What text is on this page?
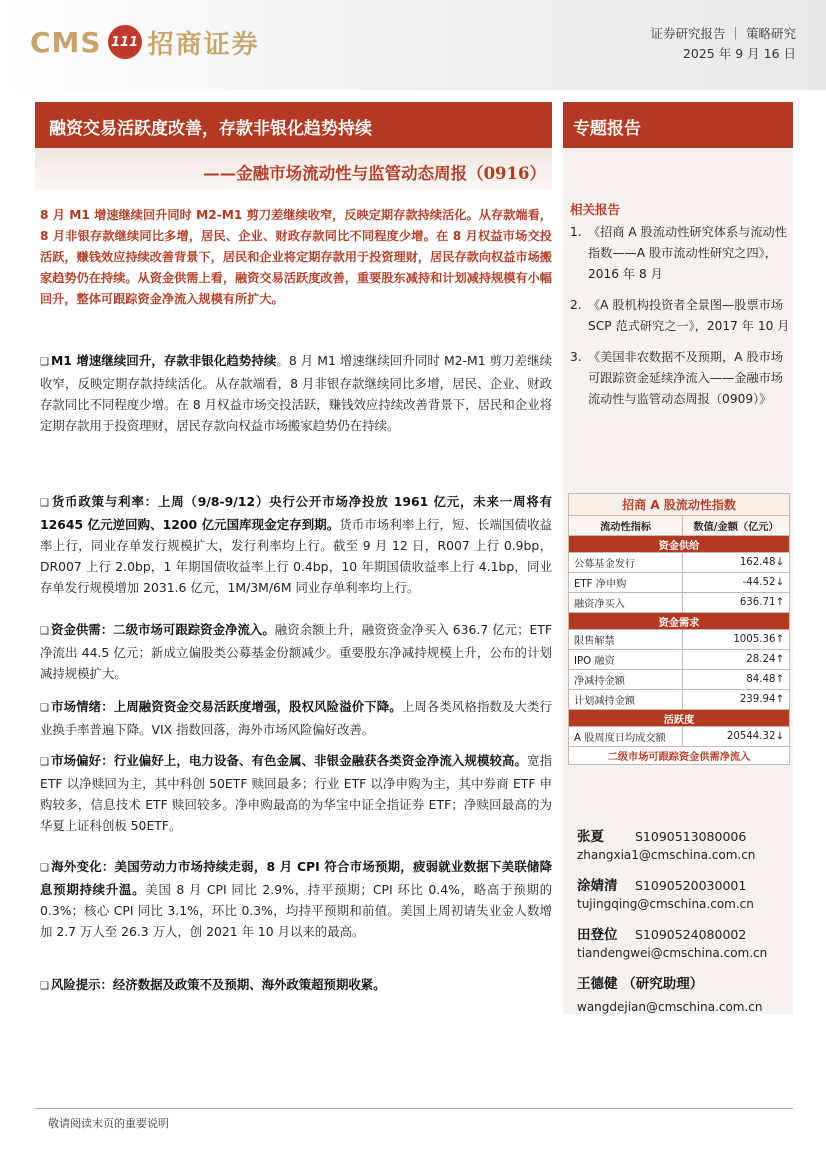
CMS 111 招商证券	证券研究报告 ｜ 策略研究
2025 年 9 月 16 日
融资交易活跃度改善，存款非银化趋势持续
——金融市场流动性与监管动态周报（0916）
专题报告
8 月 M1 增速继续回升同时 M2-M1 剪刀差继续收窄，反映定期存款持续活化。从存款端看，8 月非银存款继续同比多增，居民、企业、财政存款同比不同程度少增。在 8 月权益市场交投活跃，赚钱效应持续改善背景下，居民和企业将定期存款用于投资理财，居民存款向权益市场搬家趋势仍在持续。从资金供需上看，融资交易活跃度改善，重要股东减持和计划减持规模有小幅回升，整体可跟踪资金净流入规模有所扩大。
❑ M1 增速继续回升，存款非银化趋势持续。8 月 M1 增速继续回升同时 M2-M1 剪刀差继续收窄，反映定期存款持续活化。从存款端看，8 月非银存款继续同比多增，居民、企业、财政存款同比不同程度少增。在 8 月权益市场交投活跃，赚钱效应持续改善背景下，居民和企业将定期存款用于投资理财，居民存款向权益市场搬家趋势仍在持续。
❑ 货币政策与利率：上周（9/8-9/12）央行公开市场净投放 1961 亿元，未来一周将有 12645 亿元逆回购、1200 亿元国库现金定存到期。货币市场利率上行，短、长端国债收益率上行，同业存单发行规模扩大，发行利率均上行。截至 9 月 12 日，R007 上行 0.9bp，DR007 上行 2.0bp，1 年期国债收益率上行 0.4bp，10 年期国债收益率上行 4.1bp，同业存单发行规模增加 2031.6 亿元，1M/3M/6M 同业存单利率均上行。
❑ 资金供需：二级市场可跟踪资金净流入。融资余额上升，融资资金净买入 636.7 亿元；ETF 净流出 44.5 亿元；新成立偏股类公募基金份额减少。重要股东净减持规模上升，公布的计划减持规模扩大。
❑ 市场情绪：上周融资资金交易活跃度增强，股权风险溢价下降。上周各类风格指数及大类行业换手率普遍下降。VIX 指数回落，海外市场风险偏好改善。
❑ 市场偏好：行业偏好上，电力设备、有色金属、非银金融获各类资金净流入规模较高。宽指 ETF 以净赎回为主，其中科创 50ETF 赎回最多；行业 ETF 以净申购为主，其中券商 ETF 申购较多，信息技术 ETF 赎回较多。净申购最高的为华宝中证全指证券 ETF；净赎回最高的为华夏上证科创板 50ETF。
❑ 海外变化：美国劳动力市场持续走弱，8 月 CPI 符合市场预期，疲弱就业数据下美联储降息预期持续升温。美国 8 月 CPI 同比 2.9%，持平预期；CPI 环比 0.4%，略高于预期的 0.3%；核心 CPI 同比 3.1%，环比 0.3%，均持平预期和前值。美国上周初请失业金人数增加 2.7 万人至 26.3 万人，创 2021 年 10 月以来的最高。
❑ 风险提示：经济数据及政策不及预期、海外政策超预期收紧。
相关报告
1. 《招商 A 股流动性研究体系与流动性指数——A 股市流动性研究之四》，2016 年 8 月
2. 《A 股机构投资者全景图—股票市场 SCP 范式研究之一》，2017 年 10 月
3. 《美国非农数据不及预期，A 股市场可跟踪资金延续净流入——金融市场流动性与监管动态周报（0909）》
招商 A 股流动性指数	
流动性指标	数值/金额（亿元）
资金供给	
公募基金发行	162.48↓
ETF 净申购	-44.52↓
融资净买入	636.71↑
资金需求	
限售解禁	1005.36↑
IPO 融资	28.24↑
净减持金额	84.48↑
计划减持金额	239.94↑
活跃度	
A 股周度日均成交额	20544.32↓
二级市场可跟踪资金供需净流入	
张夏 S1090513080006
zhangxia1@cmschina.com.cn
涂婧清 S1090520030001
tujingqing@cmschina.com.cn
田登位 S1090524080002
tiandengwei@cmschina.com.cn
王德健 （研究助理）
wangdejian@cmschina.com.cn
敬请阅读末页的重要说明
